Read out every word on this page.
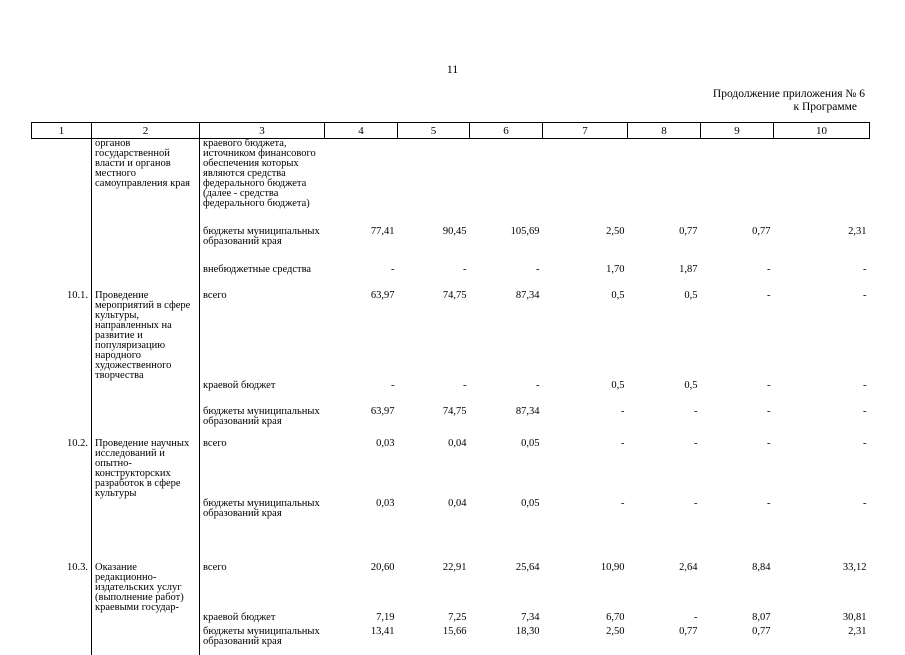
11
Продолжение приложения № 6
к Программе
1	2	3	4	5	6	7	8	9	10
	органов государственной власти и органов местного самоуправления края	краевого бюджета, источником финансового обеспечения которых являются средства федерального бюджета (далее - средства федерального бюджета)							
		бюджеты муниципальных образований края	77,41	90,45	105,69	2,50	0,77	0,77	2,31
		внебюджетные средства	-	-	-	1,70	1,87	-	-
10.1.	Проведение мероприятий в сфере культуры, направленных на развитие и популяризацию народного художественного творчества	всего	63,97	74,75	87,34	0,5	0,5	-	-
		краевой бюджет	-	-	-	0,5	0,5	-	-
		бюджеты муниципальных образований края	63,97	74,75	87,34	-	-	-	-
10.2.	Проведение научных исследований и опытно-конструкторских разработок в сфере культуры	всего	0,03	0,04	0,05	-	-	-	-
		бюджеты муниципальных образований края	0,03	0,04	0,05	-	-	-	-
10.3.	Оказание редакционно-издательских услуг (выполнение работ) краевыми государ-	всего	20,60	22,91	25,64	10,90	2,64	8,84	33,12
		краевой бюджет	7,19	7,25	7,34	6,70	-	8,07	30,81
		бюджеты муниципальных образований края	13,41	15,66	18,30	2,50	0,77	0,77	2,31
